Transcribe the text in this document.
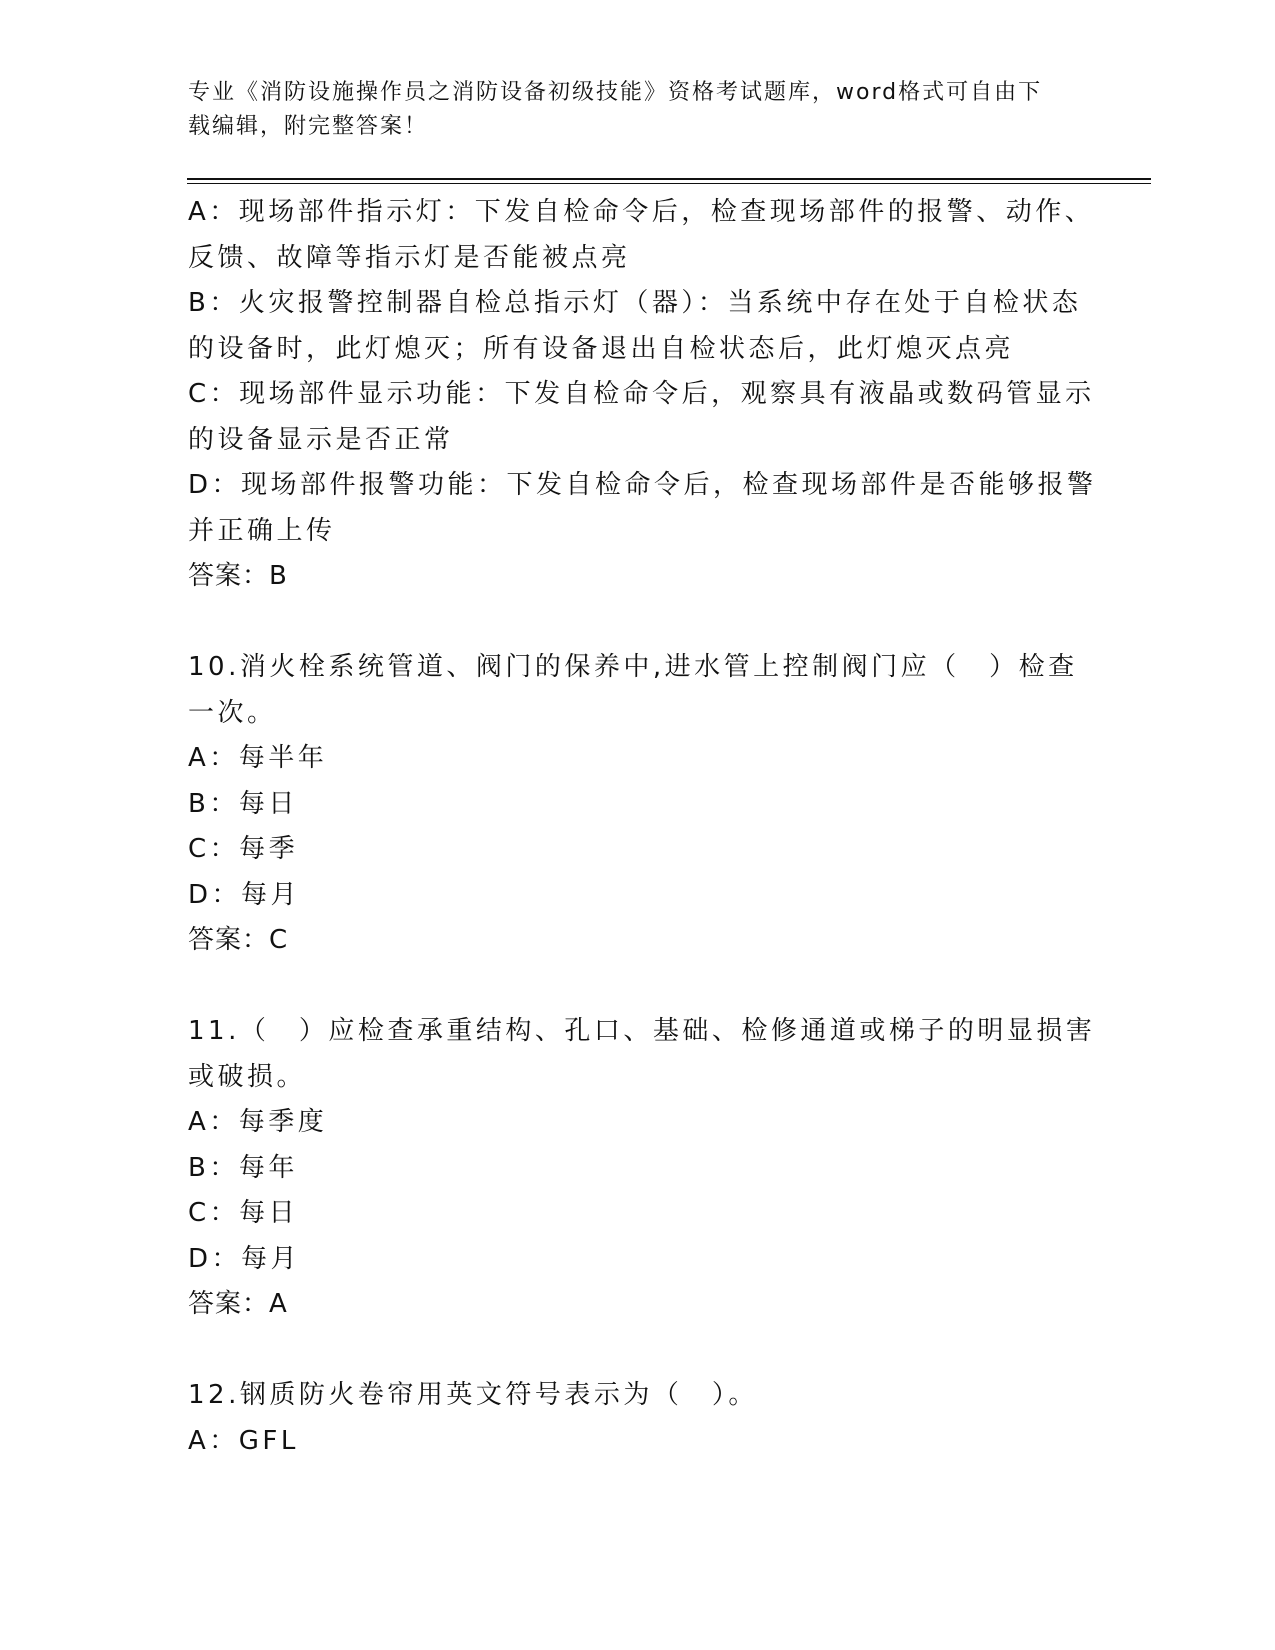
专业《消防设施操作员之消防设备初级技能》资格考试题库，word格式可自由下
载编辑，附完整答案！
A：现场部件指示灯：下发自检命令后，检查现场部件的报警、动作、
反馈、故障等指示灯是否能被点亮
B：火灾报警控制器自检总指示灯（器）：当系统中存在处于自检状态
的设备时，此灯熄灭；所有设备退出自检状态后，此灯熄灭点亮
C：现场部件显示功能：下发自检命令后，观察具有液晶或数码管显示
的设备显示是否正常
D：现场部件报警功能：下发自检命令后，检查现场部件是否能够报警
并正确上传
答案：B
10.消火栓系统管道、阀门的保养中,进水管上控制阀门应（　）检查
一次。
A：每半年
B：每日
C：每季
D：每月
答案：C
11.（　）应检查承重结构、孔口、基础、检修通道或梯子的明显损害
或破损。
A：每季度
B：每年
C：每日
D：每月
答案：A
12.钢质防火卷帘用英文符号表示为（　）。
A：GFL
